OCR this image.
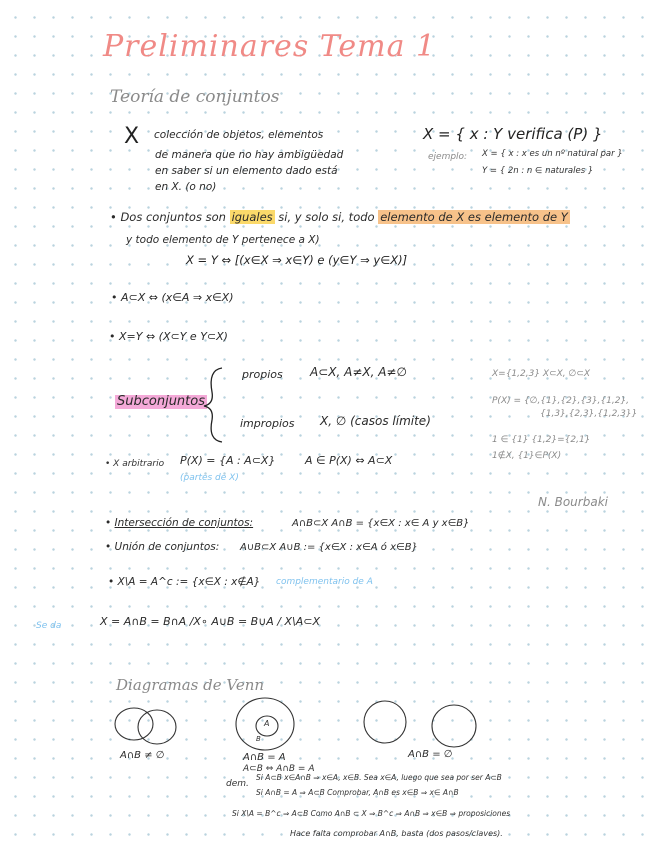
Preliminares Tema 1
Teoría de conjuntos
X colección de objetos, elementos
de manera que no hay ambigüedad
en saber si un elemento dado está
en X. (o no)
X = { x : Y verifica (P) }
ejemplo: X = { x : x es un nº natural par }
Y = { 2n : n ∈ naturales }
• Dos conjuntos son iguales si, y solo si, todo elemento de X es elemento de Y
y todo elemento de Y pertenece a X)
X = Y ⇔ [(x∈X ⇒ x∈Y) e (y∈Y ⇒ y∈X)]
• A⊂X ⇔ (x∈A ⇒ x∈X)
• X=Y ⇔ (X⊂Y e Y⊂X)
Subconjuntos
propios A⊂X, A≠X, A≠∅
impropios X, ∅ (casos límite)
X={1,2,3} X⊂X, ∅⊂X
P(X) = {∅,{1},{2},{3},{1,2},
{1,3},{2,3},{1,2,3}}
1 ∈ {1} {1,2}={2,1}
1∉X, {1}∈P(X)
• X arbitrario P(X) = {A : A⊂X}	A ∈ P(X) ⇔ A⊂X
(partes de X)
N. Bourbaki
• Intersección de conjuntos:	A∩B⊂X A∩B = {x∈X : x∈ A y x∈B}
• Unión de conjuntos: A∪B⊂X A∪B := {x∈X : x∈A ó x∈B}
• X\A = A^c := {x∈X : x∉A} complementario de A
Se da	X = A∩B = B∩A /X∘ A∪B = B∪A / X\A⊂X
Diagramas de Venn
A
B
A∩B ≠ ∅	A∩B = A
A⊂B ⇔ A∩B = A
A∩B = ∅
dem.
Si A⊂B x∈A∩B ⇒ x∈A, x∈B. Sea x∈A, luego que sea por ser A⊂B
Si A∩B = A ⇒ A⊂B Comprobar, A∩B es x∈B ⇒ x∈ A∩B
Si X\A = B^c ⇒ A⊂B Como A∩B ⊂ X ⇒ B^c ⇒ A∩B ⇒ x∈B ⇒ proposiciones
Hace falta comprobar A∩B, basta (dos pasos/claves).
